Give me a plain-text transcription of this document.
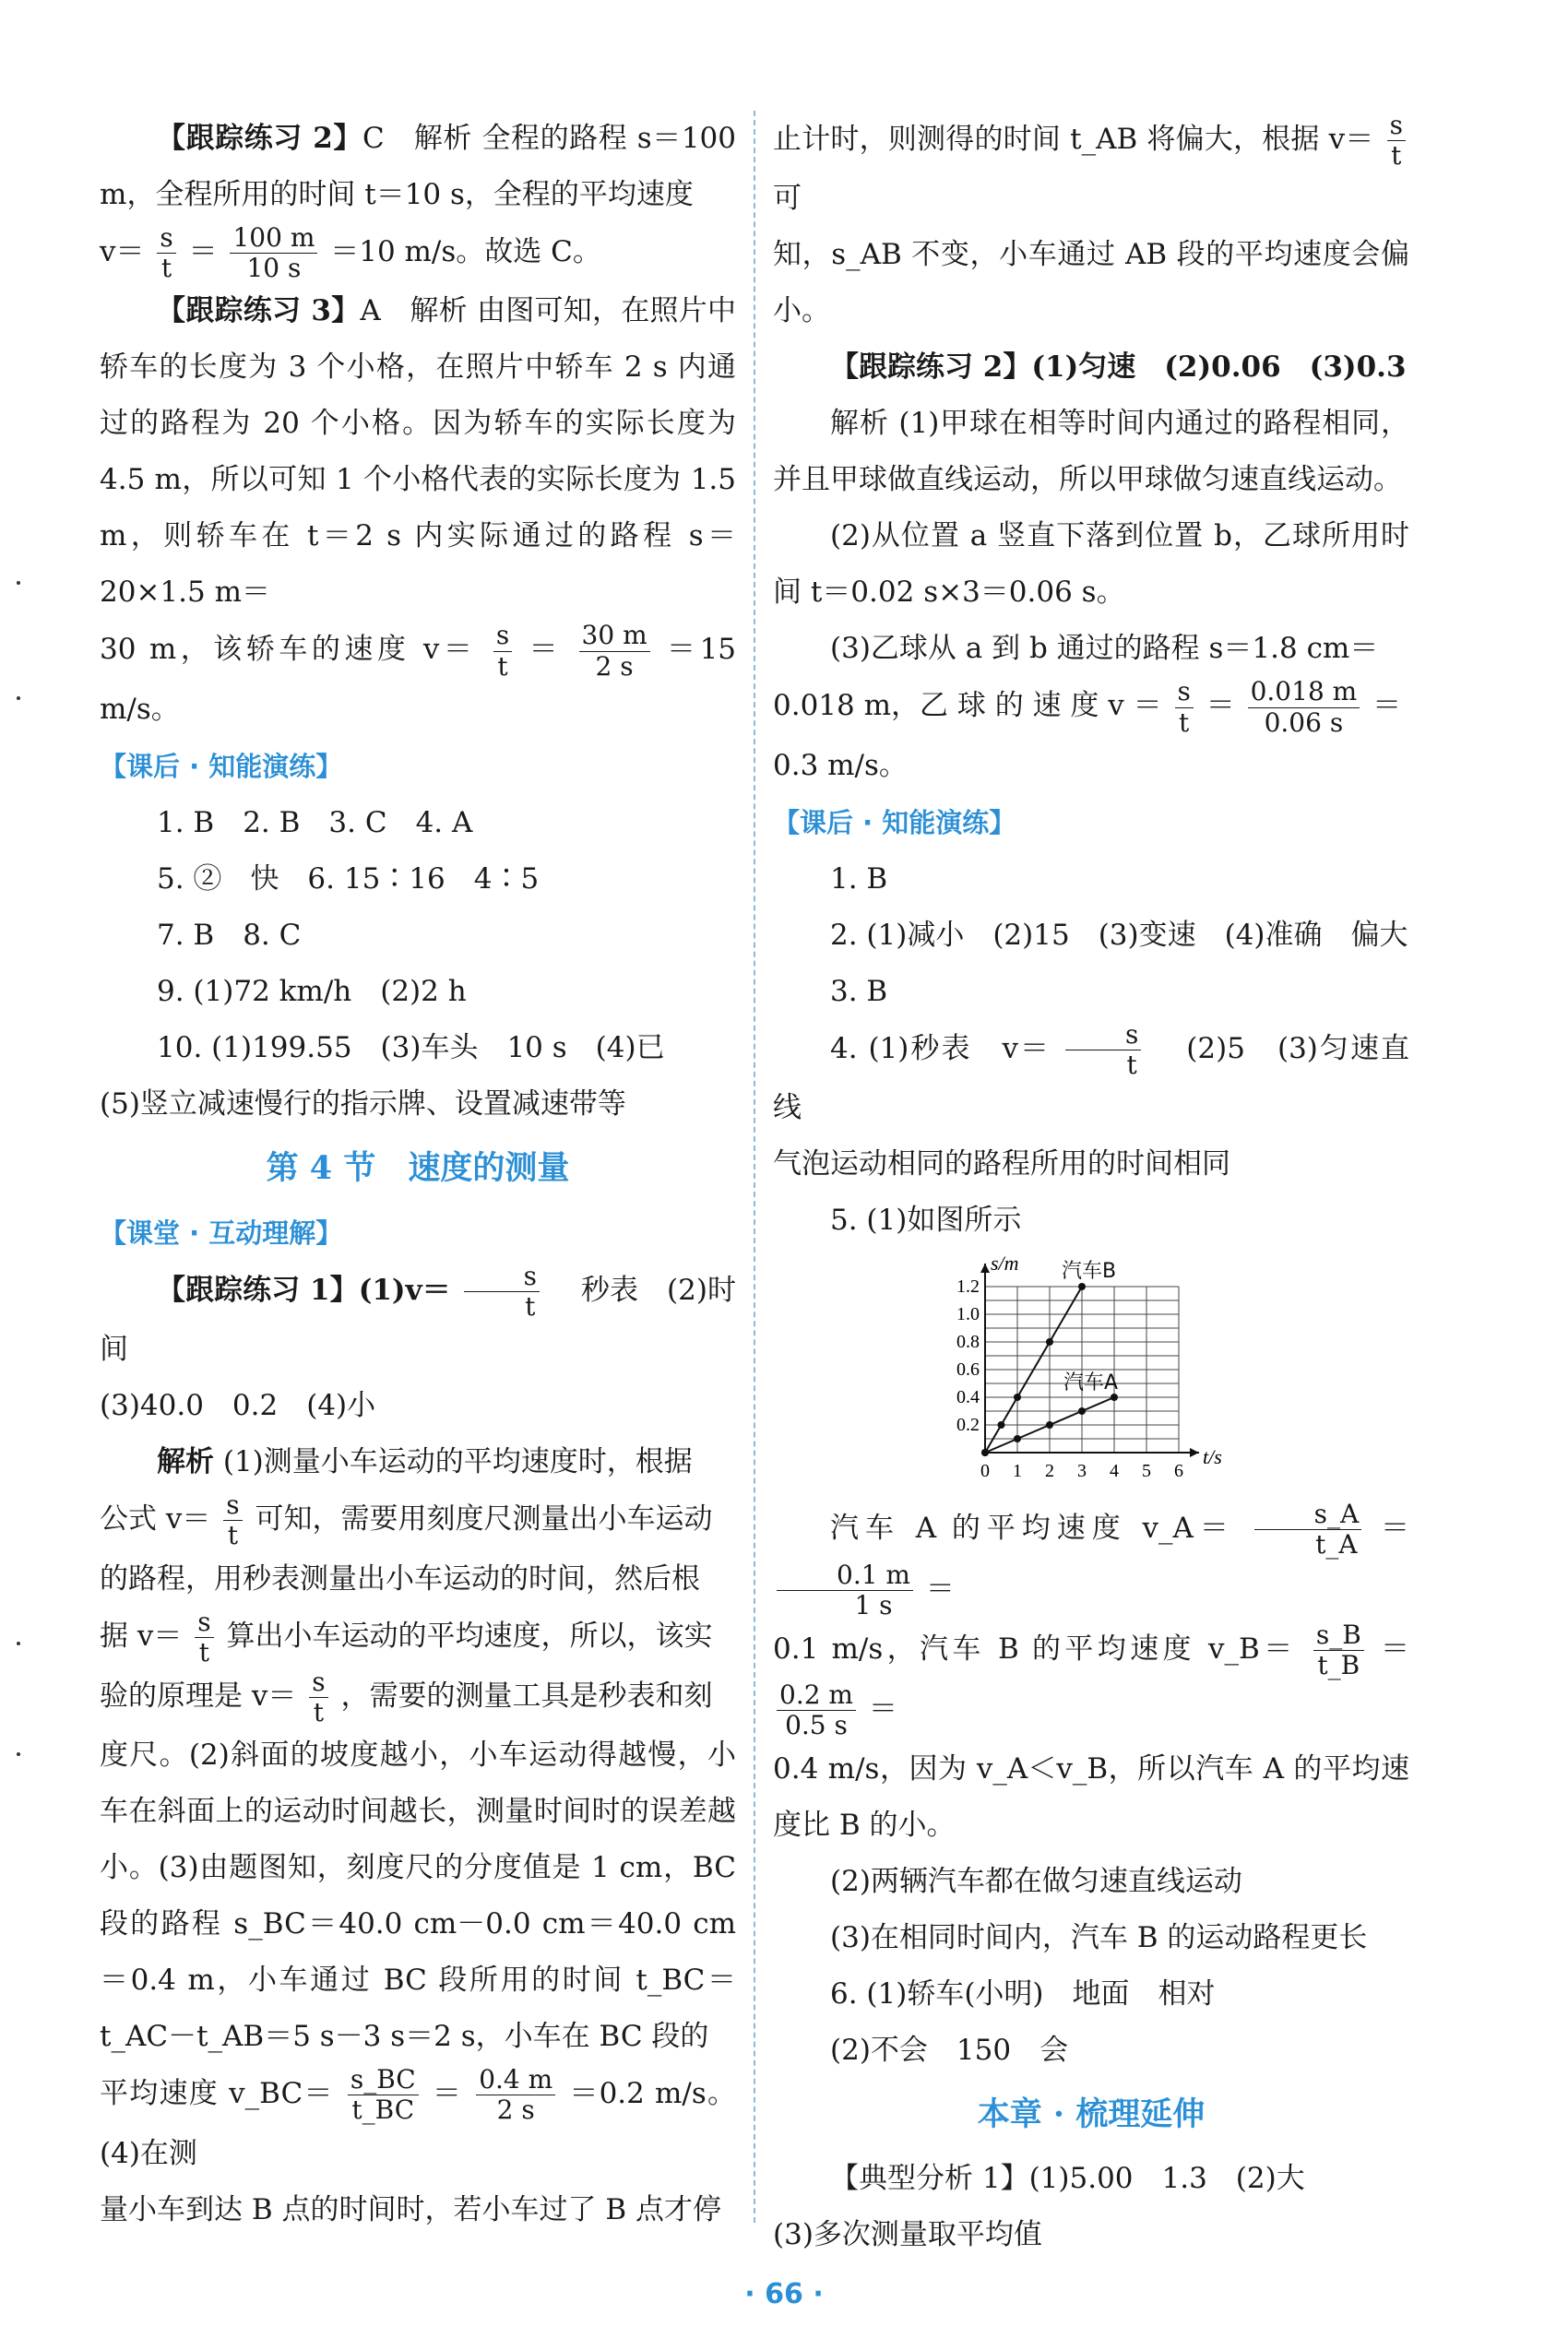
【跟踪练习 2】C　解析 全程的路程 s＝100 m，全程所用的时间 t＝10 s，全程的平均速度

$v= \frac{s}{t} = \frac{100 m}{10 s} =10$ m/s。故选 C。

【跟踪练习 3】A　解析 由图可知，在照片中轿车的长度为 3 个小格，在照片中轿车 2 s 内通过的路程为 20 个小格。因为轿车的实际长度为 4.5 m，所以可知 1 个小格代表的实际长度为 1.5 m，则轿车在 t＝2 s 内实际通过的路程 s＝20×1.5 m＝

30 m，该轿车的速度 $v= \frac{s}{t} = \frac{30 m}{2 s} =15$ m/s。

【课后 · 知能演练】

1. B　2. B　3. C　4. A

5. ②　快　6. 15∶16　4∶5

7. B　8. C

9. (1)72 km/h　(2)2 h

10. (1)199.55　(3)车头　10 s　(4)已

(5)竖立减速慢行的指示牌、设置减速带等

第 4 节　速度的测量
【课堂 · 互动理解】

【跟踪练习 1】$(1)v= \frac{s}{t}$ 　秒表　(2)时间

(3)40.0　0.2　(4)小

解析 (1)测量小车运动的平均速度时，根据

公式 $v= \frac{s}{t}$ 可知，需要用刻度尺测量出小车运动

的路程，用秒表测量出小车运动的时间，然后根

据 $v= \frac{s}{t}$ 算出小车运动的平均速度，所以，该实

验的原理是 $v= \frac{s}{t}$ ，需要的测量工具是秒表和刻

度尺。(2)斜面的坡度越小，小车运动得越慢，小车在斜面上的运动时间越长，测量时间时的误差越小。(3)由题图知，刻度尺的分度值是 1 cm，BC 段的路程 s_BC＝40.0 cm－0.0 cm＝40.0 cm＝0.4 m，小车通过 BC 段所用的时间 t_BC＝t_AC－t_AB＝5 s－3 s＝2 s，小车在 BC 段的

平均速度 v_BC＝ $\frac{s\_BC}{t\_BC} = \frac{0.4 m}{2 s} =0.2$ m/s。(4)在测

量小车到达 B 点的时间时，若小车过了 B 点才停

止计时，则测得的时间 t_AB 将偏大，根据 $v= \frac{s}{t}$
可

知，s_AB 不变，小车通过 AB 段的平均速度会偏小。

【跟踪练习 2】(1)匀速　(2)0.06　(3)0.3

解析 (1)甲球在相等时间内通过的路程相同，并且甲球做直线运动，所以甲球做匀速直线运动。

(2)从位置 a 竖直下落到位置 b，乙球所用时间 t＝0.02 s×3＝0.06 s。

(3)乙球从 a 到 b 通过的路程 s＝1.8 cm＝

0.018 m，乙 球 的 速 度 $v = \frac{s}{t} = \frac{0.018 m}{0.06 s}$ ＝

0.3 m/s。

【课后 · 知能演练】

1. B

2. (1)减小　(2)15　(3)变速　(4)准确　偏大

3. B

4. (1)秒表　$v= \frac{s}{t}$ 　(2)5　(3)匀速直线

气泡运动相同的路程所用的时间相同

5. (1)如图所示

0 1 2 3 4 5 6
0.2
0.4
0.6
0.8
1.0
1.2
t/s
s/m 汽车B
汽车A

汽车 A 的平均速度 v_A＝ $\frac{s\_A}{t\_A}$ ＝
$\frac{0.1 m}{1 s}$ ＝

0.1 m/s，汽车 B 的平均速度 v_B＝ $\frac{s\_B}{t\_B}$ ＝
$\frac{0.2 m}{0.5 s}$ ＝

0.4 m/s，因为 v_A＜v_B，所以汽车 A 的平均速度比 B 的小。

(2)两辆汽车都在做匀速直线运动

(3)在相同时间内，汽车 B 的运动路程更长

6. (1)轿车(小明)　地面　相对

(2)不会　150　会

本章 · 梳理延伸

【典型分析 1】(1)5.00　1.3　(2)大

(3)多次测量取平均值

· 66 ·
